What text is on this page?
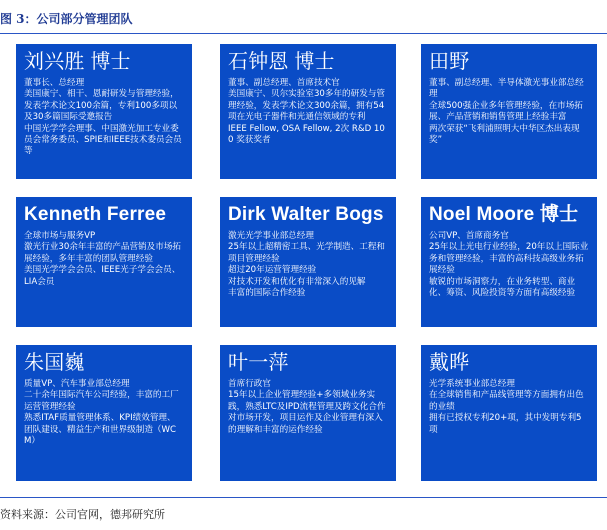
图 3：公司部分管理团队
刘兴胜 博士

董事长、总经理

美国康宁、相干、恩耐研发与管理经验，发表学术论文100余篇，专利100多项以及30多篇国际受邀报告

中国光学学会理事、中国激光加工专业委员会常务委员、SPIE和IEEE技术委员会员等

石钟恩 博士

董事、副总经理、首席技术官

美国康宁、贝尔实验室30多年的研发与管理经验，发表学术论文300余篇，拥有54项在光电子器件和光通信领域的专利

IEEE Fellow, OSA Fellow, 2次 R&D 100 奖获奖者

田野

董事、副总经理、半导体激光事业部总经理

全球500强企业多年管理经验，在市场拓展、产品营销和销售管理上经验丰富

两次荣获“飞利浦照明大中华区杰出表现奖”

Kenneth Ferree

全球市场与服务VP

激光行业30余年丰富的产品营销及市场拓展经验，多年丰富的团队管理经验

美国光学学会会员、IEEE光子学会会员、LIA会员

Dirk Walter Bogs

激光光学事业部总经理

25年以上超精密工具、光学制造、工程和项目管理经验

超过20年运营管理经验

对技术开发和优化有非常深入的见解

丰富的国际合作经验

Noel Moore 博士

公司VP、首席商务官

25年以上光电行业经验，20年以上国际业务和管理经验，丰富的高科技高级业务拓展经验

敏锐的市场洞察力，在业务转型、商业化、筹资、风险投资等方面有高级经验

朱国巍

质量VP、汽车事业部总经理

二十余年国际汽车公司经验，丰富的工厂运营管理经验

熟悉ITAF质量管理体系、KPI绩效管理、团队建设、精益生产和世界级制造（WCM）

叶一萍

首席行政官

15年以上企业管理经验+多领域业务实践，熟悉LTC及IPD流程管理及跨文化合作

对市场开发，项目运作及企业管理有深入的理解和丰富的运作经验

戴晔

光学系统事业部总经理

在全球销售和产品线管理等方面拥有出色的业绩

拥有已授权专利20+项，其中发明专利5项

资料来源：公司官网，德邦研究所
